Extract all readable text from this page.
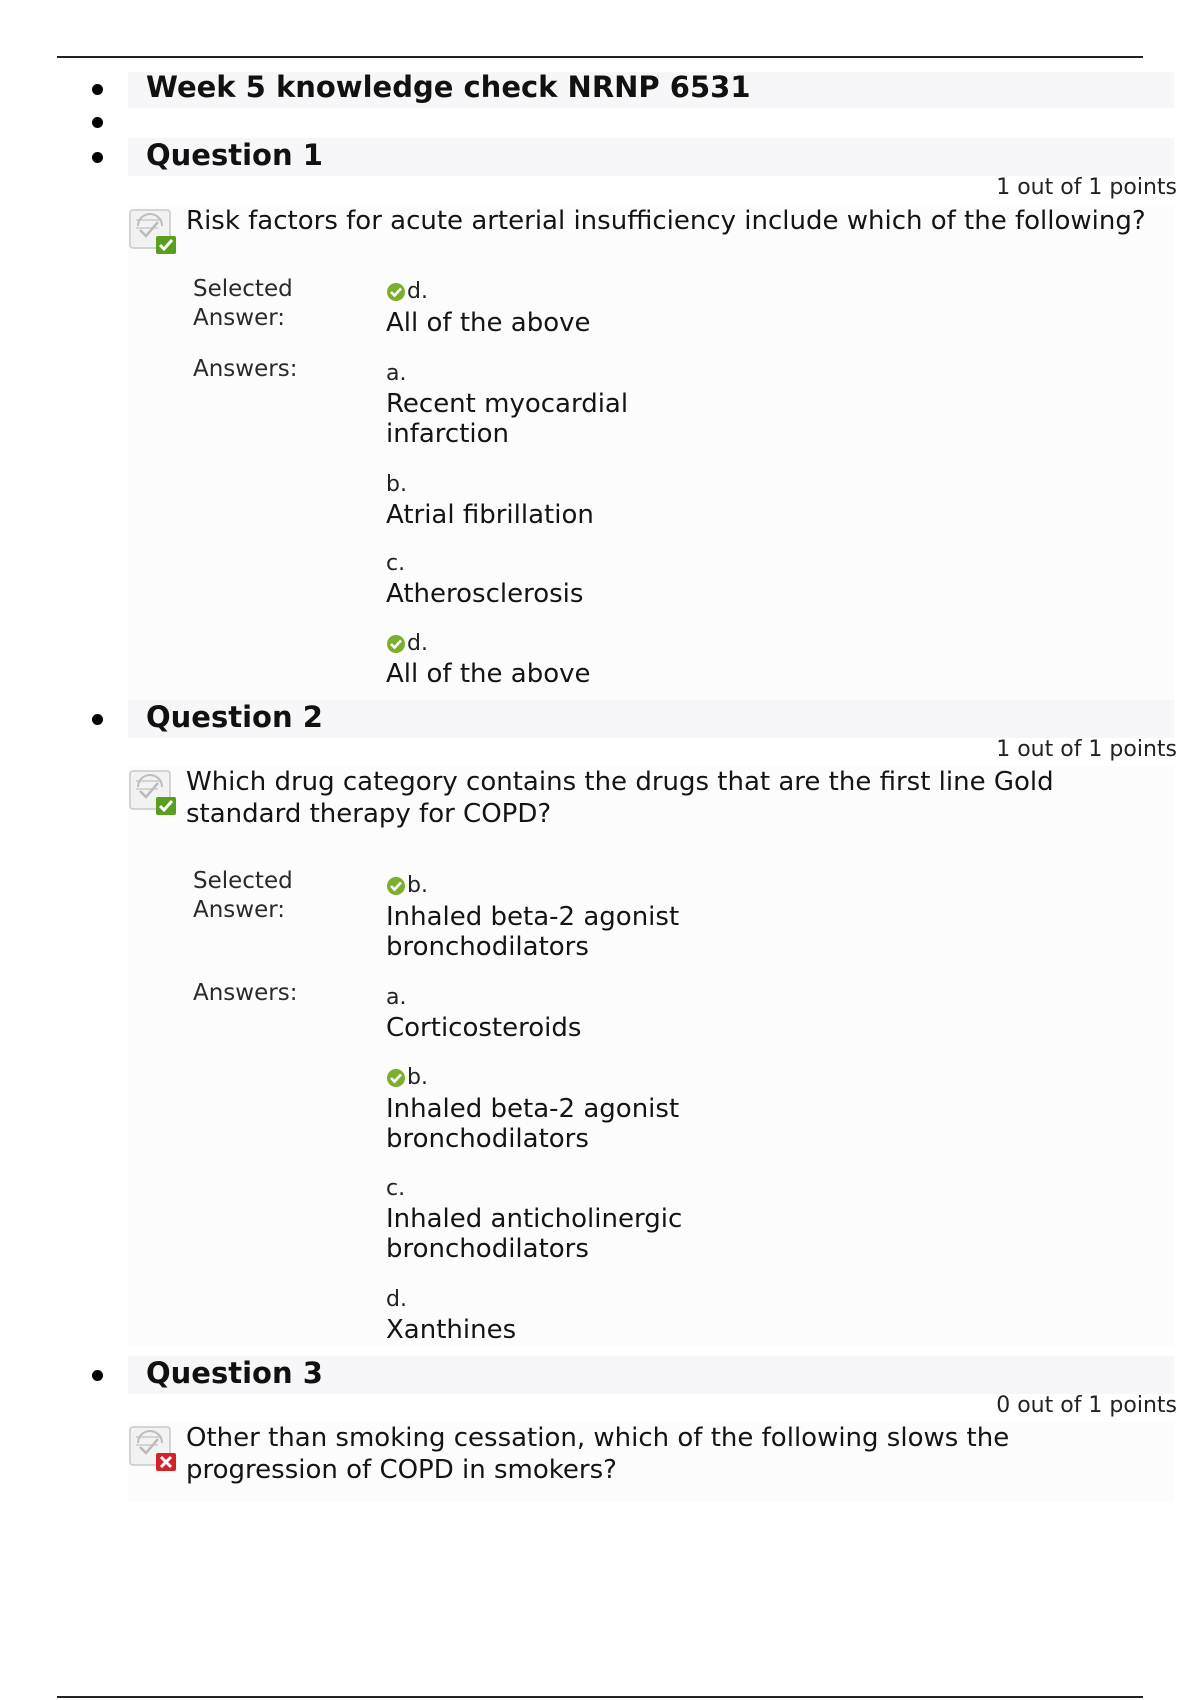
Week 5 knowledge check NRNP 6531
Question 1
1 out of 1 points
Risk factors for acute arterial insufficiency include which of the following?
Selected
Answer:
d.
All of the above
Answers:	a.
Recent myocardial
infarction
b.
Atrial fibrillation
c.
Atherosclerosis
d.
All of the above
Question 2
1 out of 1 points
Which drug category contains the drugs that are the first line Gold
standard therapy for COPD?
Selected
Answer:
b.
Inhaled beta-2 agonist
bronchodilators
Answers:	a.
Corticosteroids
b.
Inhaled beta-2 agonist
bronchodilators
c.
Inhaled anticholinergic
bronchodilators
d.
Xanthines
Question 3
0 out of 1 points
Other than smoking cessation, which of the following slows the
progression of COPD in smokers?
